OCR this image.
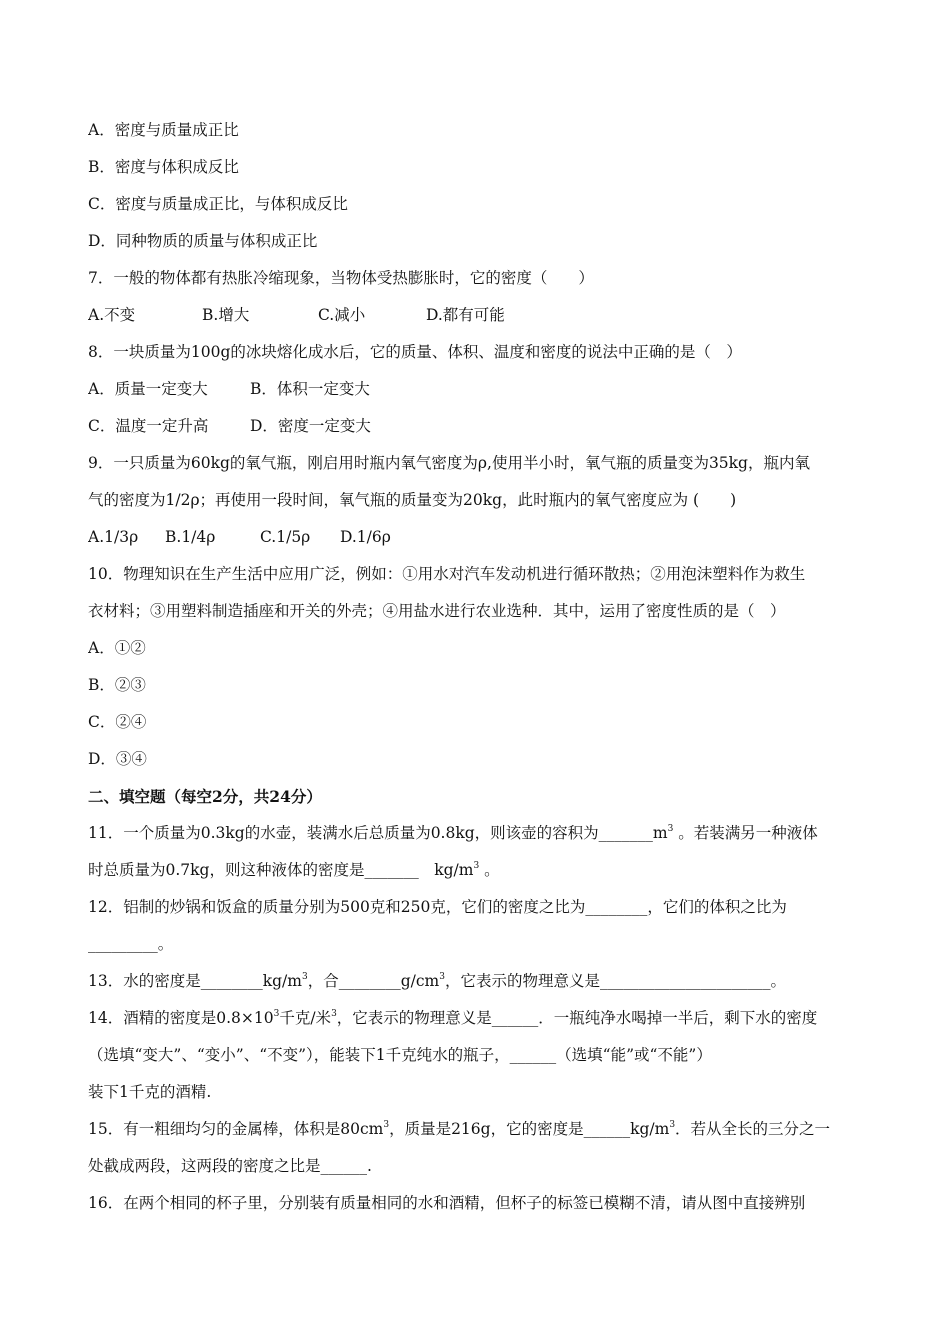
A．密度与质量成正比
B．密度与体积成反比
C．密度与质量成正比，与体积成反比
D．同种物质的质量与体积成正比
7．一般的物体都有热胀冷缩现象，当物体受热膨胀时，它的密度（　　）
A.不变	B.增大	C.减小	D.都有可能
8．一块质量为100g的冰块熔化成水后，它的质量、体积、温度和密度的说法中正确的是（　）
A．质量一定变大	B．体积一定变大
C．温度一定升高	D．密度一定变大
9．一只质量为60kg的氧气瓶，刚启用时瓶内氧气密度为ρ,使用半小时，氧气瓶的质量变为35kg，瓶内氧
气的密度为1/2ρ；再使用一段时间，氧气瓶的质量变为20kg，此时瓶内的氧气密度应为 (　　)
A.1/3ρ	B.1/4ρ	C.1/5ρ	D.1/6ρ
10．物理知识在生产生活中应用广泛，例如：①用水对汽车发动机进行循环散热；②用泡沫塑料作为救生
衣材料；③用塑料制造插座和开关的外壳；④用盐水进行农业选种．其中，运用了密度性质的是（　）
A．①②
B．②③
C．②④
D．③④
二、填空题（每空2分，共24分）
11．一个质量为0.3kg的水壶，装满水后总质量为0.8kg，则该壶的容积为$\_\_\_\_\_\_\_m^3$ 。若装满另一种液体
时总质量为0.7kg，则这种液体的密度是_______　$kg/m^3$ 。
12．铝制的炒锅和饭盒的质量分别为500克和250克，它们的密度之比为________，它们的体积之比为
_________。
13．水的密度是$\_\_\_\_\_\_\_\_kg/m^3$，合$\_\_\_\_\_\_\_\_g/cm^3$，它表示的物理意义是______________________。
14．酒精的密度是$0.8\times 10^3$千克/米$^3$，它表示的物理意义是______．一瓶纯净水喝掉一半后，剩下水的密度
（选填“变大”、“变小”、“不变”），能装下1千克纯水的瓶子，______（选填“能”或“不能”）
装下1千克的酒精.
15．有一粗细均匀的金属棒，体积是$80cm^3$，质量是216g，它的密度是$\_\_\_\_\_\_kg/m^3$．若从全长的三分之一
处截成两段，这两段的密度之比是______.
16．在两个相同的杯子里，分别装有质量相同的水和酒精，但杯子的标签已模糊不清，请从图中直接辨别
